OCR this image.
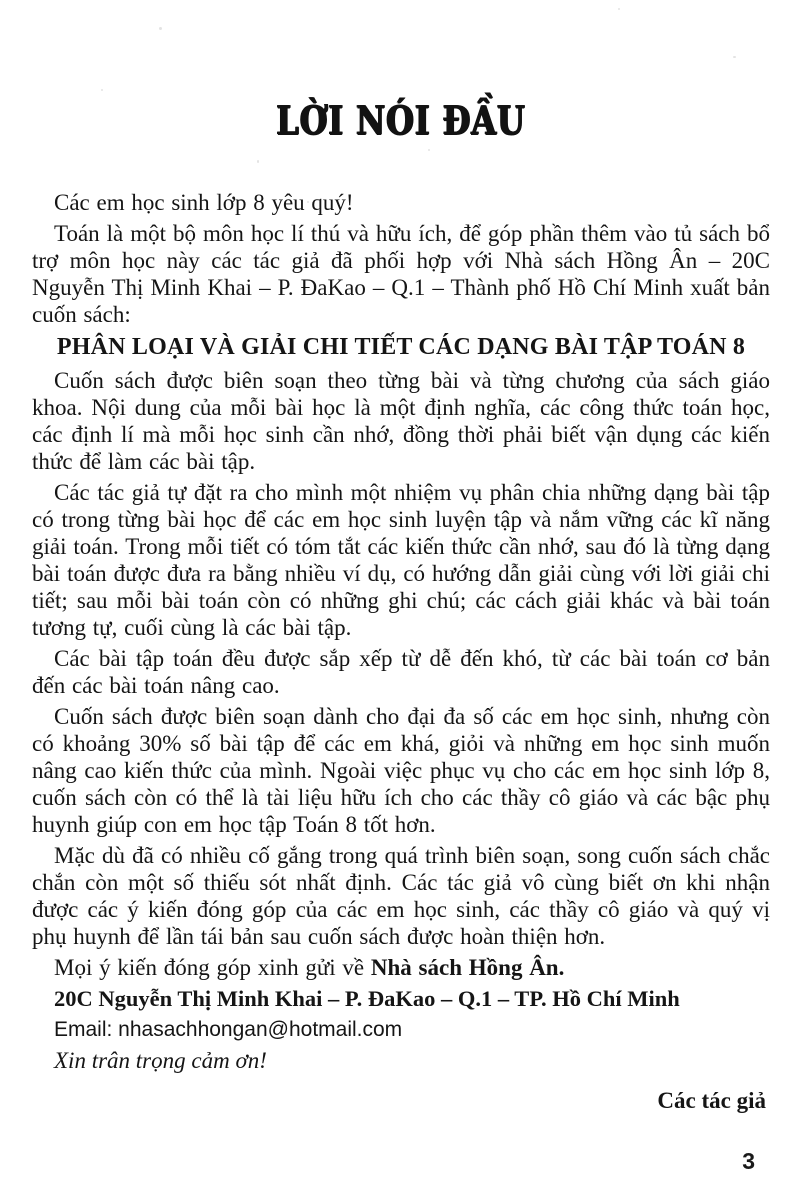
LỜI NÓI ĐẦU

Các em học sinh lớp 8 yêu quý!

Toán là một bộ môn học lí thú và hữu ích, để góp phần thêm vào tủ sách bổ trợ môn học này các tác giả đã phối hợp với Nhà sách Hồng Ân – 20C Nguyễn Thị Minh Khai – P. ĐaKao – Q.1 – Thành phố Hồ Chí Minh xuất bản cuốn sách:

PHÂN LOẠI VÀ GIẢI CHI TIẾT CÁC DẠNG BÀI TẬP TOÁN 8

Cuốn sách được biên soạn theo từng bài và từng chương của sách giáo khoa. Nội dung của mỗi bài học là một định nghĩa, các công thức toán học, các định lí mà mỗi học sinh cần nhớ, đồng thời phải biết vận dụng các kiến thức để làm các bài tập.

Các tác giả tự đặt ra cho mình một nhiệm vụ phân chia những dạng bài tập có trong từng bài học để các em học sinh luyện tập và nắm vững các kĩ năng giải toán. Trong mỗi tiết có tóm tắt các kiến thức cần nhớ, sau đó là từng dạng bài toán được đưa ra bằng nhiều ví dụ, có hướng dẫn giải cùng với lời giải chi tiết; sau mỗi bài toán còn có những ghi chú; các cách giải khác và bài toán tương tự, cuối cùng là các bài tập.

Các bài tập toán đều được sắp xếp từ dễ đến khó, từ các bài toán cơ bản đến các bài toán nâng cao.

Cuốn sách được biên soạn dành cho đại đa số các em học sinh, nhưng còn có khoảng 30% số bài tập để các em khá, giỏi và những em học sinh muốn nâng cao kiến thức của mình. Ngoài việc phục vụ cho các em học sinh lớp 8, cuốn sách còn có thể là tài liệu hữu ích cho các thầy cô giáo và các bậc phụ huynh giúp con em học tập Toán 8 tốt hơn.

Mặc dù đã có nhiều cố gắng trong quá trình biên soạn, song cuốn sách chắc chắn còn một số thiếu sót nhất định. Các tác giả vô cùng biết ơn khi nhận được các ý kiến đóng góp của các em học sinh, các thầy cô giáo và quý vị phụ huynh để lần tái bản sau cuốn sách được hoàn thiện hơn.

Mọi ý kiến đóng góp xinh gửi về Nhà sách Hồng Ân.

20C Nguyễn Thị Minh Khai – P. ĐaKao – Q.1 – TP. Hồ Chí Minh

Email: nhasachhongan@hotmail.com

Xin trân trọng cảm ơn!

Các tác giả

3
